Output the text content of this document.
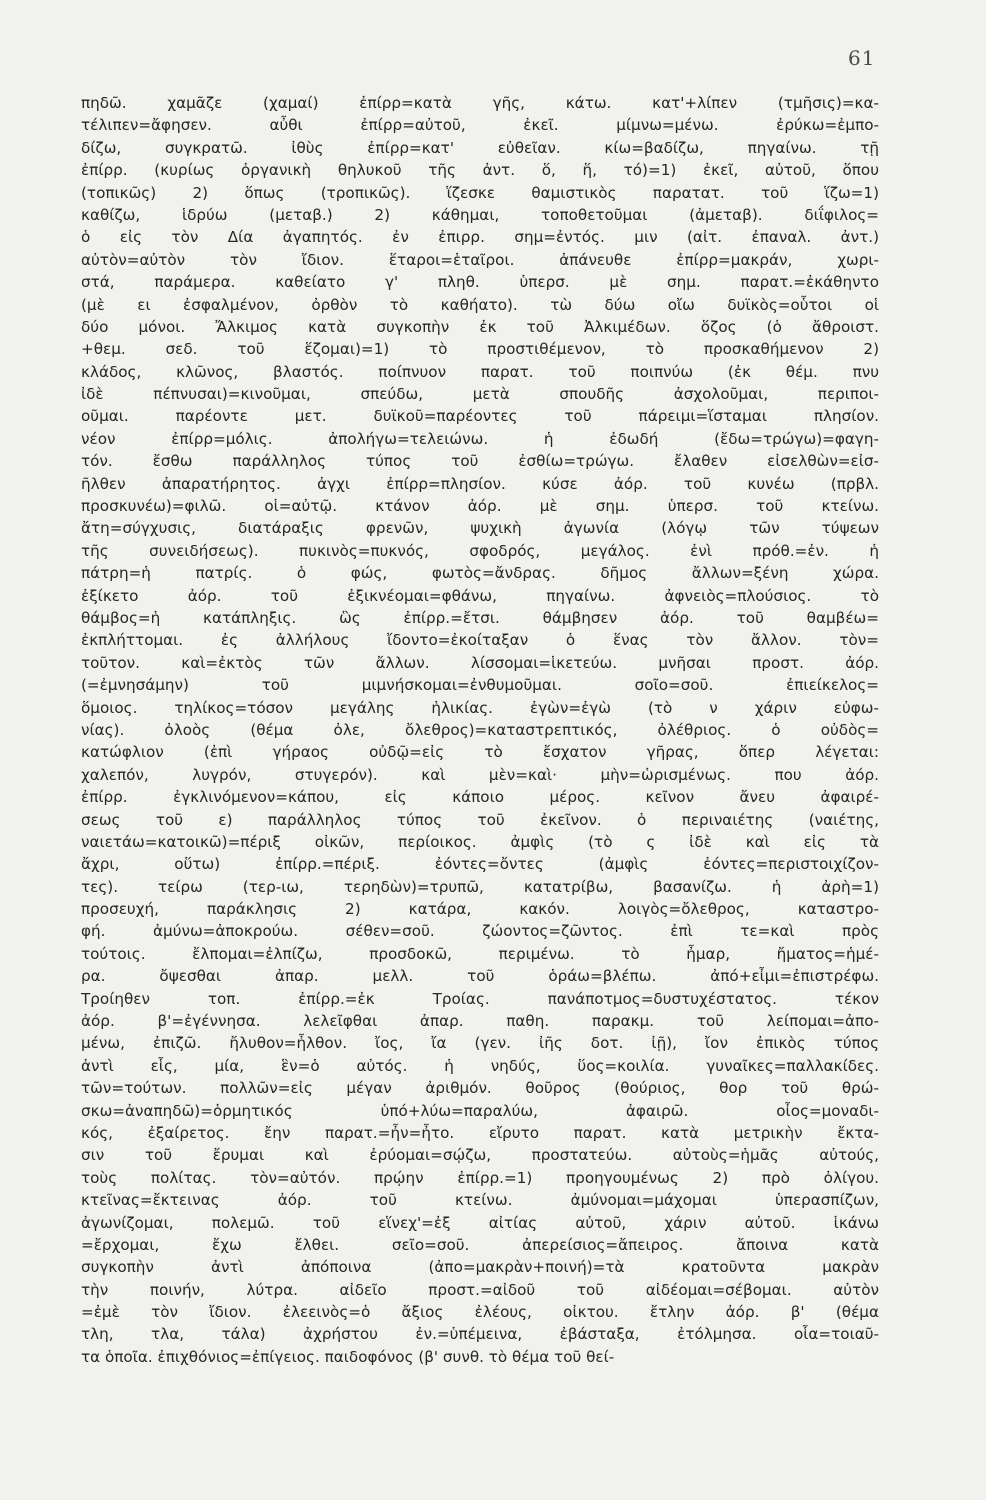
61
πηδῶ. χαμᾶζε (χαμαί) ἐπίρρ=κατὰ γῆς, κάτω. κατ'+λίπεν (τμῆσις)=κα-
τέλιπεν=ἄφησεν. αὖθι ἐπίρρ=αὐτοῦ, ἐκεῖ. μίμνω=μένω. ἐρύκω=ἐμπο-
δίζω, συγκρατῶ. ἰθὺς ἐπίρρ=κατ' εὐθεῖαν. κίω=βαδίζω, πηγαίνω. τῇ
ἐπίρρ. (κυρίως ὀργανικὴ θηλυκοῦ τῆς ἀντ. ὅ, ἥ, τό)=1) ἐκεῖ, αὐτοῦ, ὅπου
(τοπικῶς) 2) ὅπως (τροπικῶς). ἵζεσκε θαμιστικὸς παρατατ. τοῦ ἵζω=1)
καθίζω, ἱδρύω (μεταβ.) 2) κάθημαι, τοποθετοῦμαι (ἀμεταβ). διΐφιλος=
ὁ εἰς τὸν Δία ἀγαπητός. ἐν ἐπιρρ. σημ=ἐντός. μιν (αἰτ. ἐπαναλ. ἀντ.)
αὐτὸν=αὐτὸν τὸν ἴδιον. ἕταροι=ἑταῖροι. ἀπάνευθε ἐπίρρ=μακράν, χωρι-
στά, παράμερα. καθείατο γ' πληθ. ὑπερσ. μὲ σημ. παρατ.=ἐκάθηντο
(μὲ ει ἐσφαλμένον, ὀρθὸν τὸ καθήατο). τὼ δύω οἴω δυϊκὸς=οὗτοι οἱ
δύο μόνοι. Ἄλκιμος κατὰ συγκοπὴν ἐκ τοῦ Ἀλκιμέδων. ὅζος (ὁ ἄθροιστ.
+θεμ. σεδ. τοῦ ἕζομαι)=1) τὸ προστιθέμενον, τὸ προσκαθήμενον 2)
κλάδος, κλῶνος, βλαστός. ποίπνυον παρατ. τοῦ ποιπνύω (ἐκ θέμ. πνυ
ἰδὲ πέπνυσαι)=κινοῦμαι, σπεύδω, μετὰ σπουδῆς ἀσχολοῦμαι, περιποι-
οῦμαι. παρέοντε μετ. δυϊκοῦ=παρέοντες τοῦ πάρειμι=ἵσταμαι πλησίον.
νέον ἐπίρρ=μόλις. ἀπολήγω=τελειώνω. ἡ ἐδωδή (ἔδω=τρώγω)=φαγη-
τόν. ἔσθω παράλληλος τύπος τοῦ ἐσθίω=τρώγω. ἔλαθεν εἰσελθὼν=εἰσ-
ῆλθεν ἀπαρατήρητος. ἀγχι ἐπίρρ=πλησίον. κύσε ἀόρ. τοῦ κυνέω (πρβλ.
προσκυνέω)=φιλῶ. οἱ=αὐτῷ. κτάνον ἀόρ. μὲ σημ. ὑπερσ. τοῦ κτείνω.
ἄτη=σύγχυσις, διατάραξις φρενῶν, ψυχικὴ ἀγωνία (λόγῳ τῶν τύψεων
τῆς συνειδήσεως). πυκινὸς=πυκνός, σφοδρός, μεγάλος. ἐνὶ πρόθ.=ἐν. ἡ
πάτρη=ἡ πατρίς. ὁ φώς, φωτὸς=ἄνδρας. δῆμος ἄλλων=ξένη χώρα.
ἐξίκετο ἀόρ. τοῦ ἐξικνέομαι=φθάνω, πηγαίνω. ἀφνειὸς=πλούσιος. τὸ
θάμβος=ἡ κατάπληξις. ὣς ἐπίρρ.=ἔτσι. θάμβησεν ἀόρ. τοῦ θαμβέω=
ἐκπλήττομαι. ἐς ἀλλήλους ἴδοντο=ἐκοίταξαν ὁ ἕνας τὸν ἄλλον. τὸν=
τοῦτον. καὶ=ἐκτὸς τῶν ἄλλων. λίσσομαι=ἱκετεύω. μνῆσαι προστ. ἀόρ.
(=ἐμνησάμην) τοῦ μιμνήσκομαι=ἐνθυμοῦμαι. σοῖο=σοῦ. ἐπιείκελος=
ὅμοιος. τηλίκος=τόσον μεγάλης ἡλικίας. ἐγὼν=ἐγὼ (τὸ ν χάριν εὐφω-
νίας). ὀλοὸς (θέμα ὀλε, ὄλεθρος)=καταστρεπτικός, ὀλέθριος. ὁ οὐδὸς=
κατώφλιον (ἐπὶ γήραος οὐδῷ=εἰς τὸ ἔσχατον γῆρας, ὅπερ λέγεται:
χαλεπόν, λυγρόν, στυγερόν). καὶ μὲν=καὶ· μὴν=ὡρισμένως. που ἀόρ.
ἐπίρρ. ἐγκλινόμενον=κάπου, εἰς κάποιο μέρος. κεῖνον ἄνευ ἀφαιρέ-
σεως τοῦ ε) παράλληλος τύπος τοῦ ἐκεῖνον. ὁ περιναιέτης (ναιέτης,
ναιετάω=κατοικῶ)=πέριξ οἰκῶν, περίοικος. ἀμφὶς (τὸ ς ἰδὲ καὶ εἰς τὰ
ἄχρι, οὕτω) ἐπίρρ.=πέριξ. ἐόντες=ὄντες (ἀμφὶς ἐόντες=περιστοιχίζον-
τες). τείρω (τερ-ιω, τερηδὼν)=τρυπῶ, κατατρίβω, βασανίζω. ἡ ἀρὴ=1)
προσευχή, παράκλησις 2) κατάρα, κακόν. λοιγὸς=ὄλεθρος, καταστρο-
φή. ἀμύνω=ἀποκρούω. σέθεν=σοῦ. ζώοντος=ζῶντος. ἐπὶ τε=καὶ πρὸς
τούτοις. ἔλπομαι=ἐλπίζω, προσδοκῶ, περιμένω. τὸ ἦμαρ, ἤματος=ἡμέ-
ρα. ὄψεσθαι ἀπαρ. μελλ. τοῦ ὁράω=βλέπω. ἀπό+εἶμι=ἐπιστρέφω.
Τροίηθεν τοπ. ἐπίρρ.=ἐκ Τροίας. πανάποτμος=δυστυχέστατος. τέκον
ἀόρ. β'=ἐγέννησα. λελεῖφθαι ἀπαρ. παθη. παρακμ. τοῦ λείπομαι=ἀπο-
μένω, ἐπιζῶ. ἤλυθον=ἦλθον. ἴος, ἴα (γεν. ἰῆς δοτ. ἰῇ), ἴον ἐπικὸς τύπος
ἀντὶ εἷς, μία, ἓν=ὁ αὐτός. ἡ νηδύς, ὕος=κοιλία. γυναῖκες=παλλακίδες.
τῶν=τούτων. πολλῶν=εἰς μέγαν ἀριθμόν. θοῦρος (θούριος, θορ τοῦ θρώ-
σκω=ἀναπηδῶ)=ὁρμητικός ὑπό+λύω=παραλύω, ἀφαιρῶ. οἶος=μοναδι-
κός, ἐξαίρετος. ἔην παρατ.=ἦν=ἦτο. εἴρυτο παρατ. κατὰ μετρικὴν ἔκτα-
σιν τοῦ ἔρυμαι καὶ ἐρύομαι=σῴζω, προστατεύω. αὐτοὺς=ἡμᾶς αὐτούς,
τοὺς πολίτας. τὸν=αὐτόν. πρῴην ἐπίρρ.=1) προηγουμένως 2) πρὸ ὀλίγου.
κτεῖνας=ἔκτεινας ἀόρ. τοῦ κτείνω. ἀμύνομαι=μάχομαι ὑπερασπίζων,
ἀγωνίζομαι, πολεμῶ. τοῦ εἵνεχ'=ἐξ αἰτίας αὐτοῦ, χάριν αὐτοῦ. ἱκάνω
=ἔρχομαι, ἔχω ἔλθει. σεῖο=σοῦ. ἀπερείσιος=ἄπειρος. ἄποινα κατὰ
συγκοπὴν ἀντὶ ἀπόποινα (ἀπο=μακρὰν+ποινή)=τὰ κρατοῦντα μακρὰν
τὴν ποινήν, λύτρα. αἰδεῖο προστ.=αἰδοῦ τοῦ αἰδέομαι=σέβομαι. αὐτὸν
=ἐμὲ τὸν ἴδιον. ἐλεεινὸς=ὁ ἄξιος ἐλέους, οἰκτου. ἔτλην ἀόρ. β' (θέμα
τλη, τλα, τάλα) ἀχρήστου ἐν.=ὑπέμεινα, ἐβάσταξα, ἐτόλμησα. οἷα=τοιαῦ-
τα ὁποῖα. ἐπιχθόνιος=ἐπίγειος. παιδοφόνος (β' συνθ. τὸ θέμα τοῦ θεί-
